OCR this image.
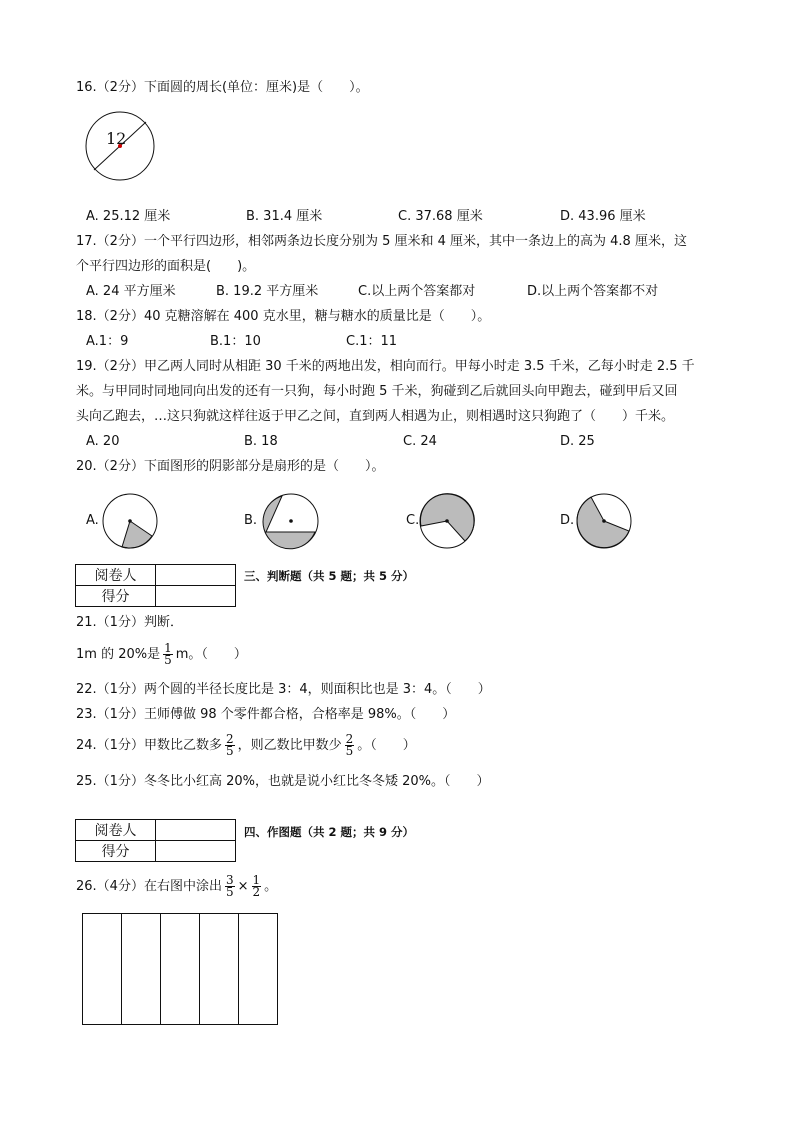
16.（2分）下面圆的周长(单位：厘米)是（　　）。
12
A. 25.12 厘米	B. 31.4 厘米	C. 37.68 厘米	D. 43.96 厘米
17.（2分）一个平行四边形，相邻两条边长度分别为 5 厘米和 4 厘米，其中一条边上的高为 4.8 厘米，这
个平行四边形的面积是(　　)。
A. 24 平方厘米	B. 19.2 平方厘米	C.以上两个答案都对	D.以上两个答案都不对
18.（2分）40 克糖溶解在 400 克水里，糖与糖水的质量比是（　　）。
A.1：9	B.1：10	C.1：11
19.（2分）甲乙两人同时从相距 30 千米的两地出发，相向而行。甲每小时走 3.5 千米，乙每小时走 2.5 千
米。与甲同时同地同向出发的还有一只狗，每小时跑 5 千米，狗碰到乙后就回头向甲跑去，碰到甲后又回
头向乙跑去，…这只狗就这样往返于甲乙之间，直到两人相遇为止，则相遇时这只狗跑了（　　）千米。
A. 20	B. 18	C. 24	D. 25
20.（2分）下面图形的阴影部分是扇形的是（　　）。
A.	B.	C.	D.
阅卷人	
得分	
三、判断题（共 5 题；共 5 分）
21.（1分）判断．
1m 的 20%是 $\frac{1}{5}$ m。（　　）
22.（1分）两个圆的半径长度比是 3：4，则面积比也是 3：4。（　　）
23.（1分）王师傅做 98 个零件都合格，合格率是 98%。（　　）
24.（1分）甲数比乙数多 $\frac{2}{5}$ ，则乙数比甲数少 $\frac{2}{5}$ 。（　　）
25.（1分）冬冬比小红高 20%，也就是说小红比冬冬矮 20%。（　　）
阅卷人	
得分	
四、作图题（共 2 题；共 9 分）
26.（4分）在右图中涂出 $\frac{3}{5} \times \frac{1}{2}$ 。
